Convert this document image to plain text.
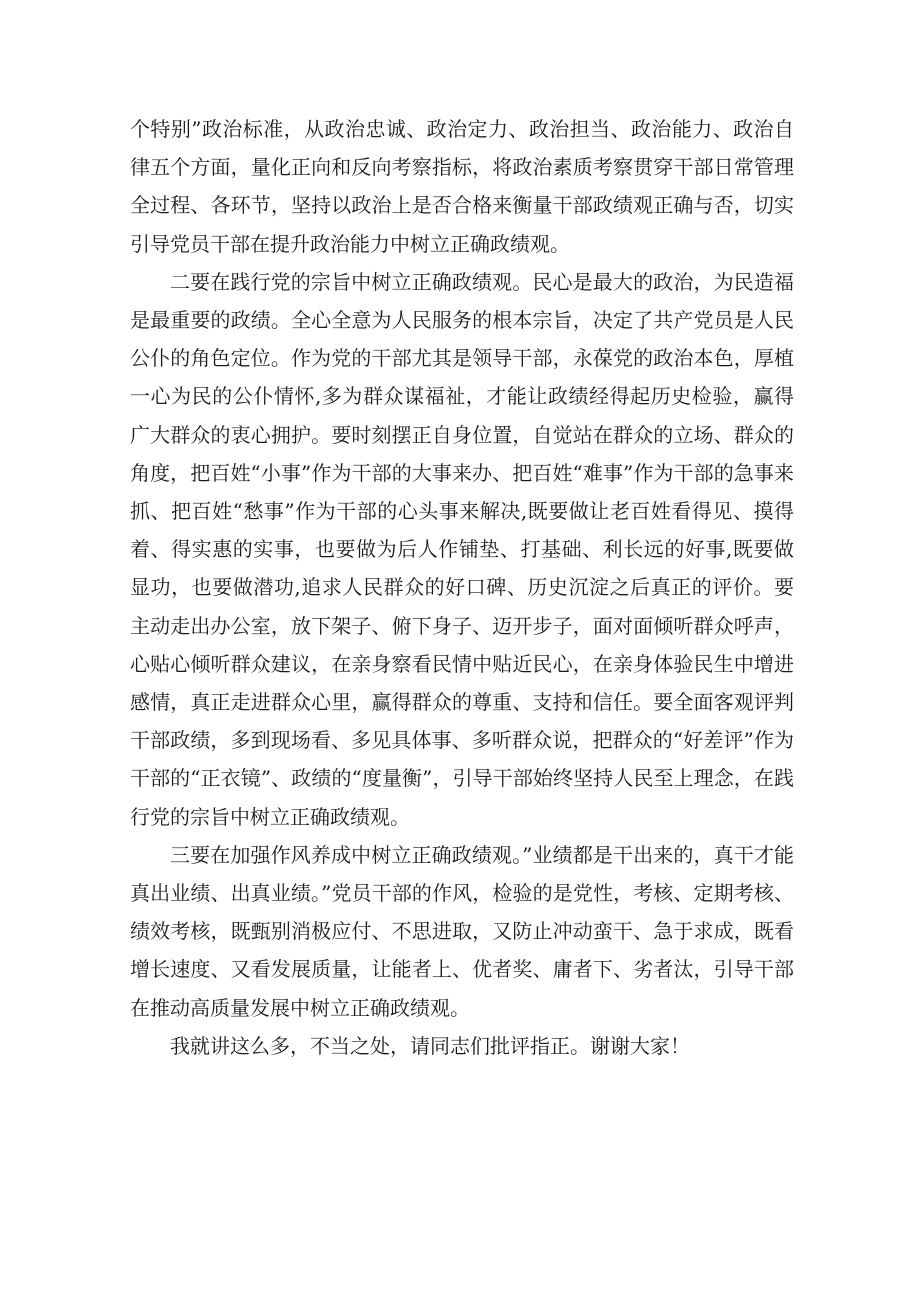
个特别”政治标准，从政治忠诚、政治定力、政治担当、政治能力、政治自律五个方面，量化正向和反向考察指标，将政治素质考察贯穿干部日常管理全过程、各环节，坚持以政治上是否合格来衡量干部政绩观正确与否，切实引导党员干部在提升政治能力中树立正确政绩观。

二要在践行党的宗旨中树立正确政绩观。民心是最大的政治，为民造福是最重要的政绩。全心全意为人民服务的根本宗旨，决定了共产党员是人民公仆的角色定位。作为党的干部尤其是领导干部，永葆党的政治本色，厚植一心为民的公仆情怀,多为群众谋福祉，才能让政绩经得起历史检验，赢得广大群众的衷心拥护。要时刻摆正自身位置，自觉站在群众的立场、群众的角度，把百姓“小事”作为干部的大事来办、把百姓“难事”作为干部的急事来抓、把百姓“愁事”作为干部的心头事来解决,既要做让老百姓看得见、摸得着、得实惠的实事，也要做为后人作铺垫、打基础、利长远的好事,既要做显功，也要做潜功,追求人民群众的好口碑、历史沉淀之后真正的评价。要主动走出办公室，放下架子、俯下身子、迈开步子，面对面倾听群众呼声，心贴心倾听群众建议，在亲身察看民情中贴近民心，在亲身体验民生中增进感情，真正走进群众心里，赢得群众的尊重、支持和信任。要全面客观评判干部政绩，多到现场看、多见具体事、多听群众说，把群众的“好差评”作为干部的“正衣镜”、政绩的“度量衡”，引导干部始终坚持人民至上理念，在践行党的宗旨中树立正确政绩观。

三要在加强作风养成中树立正确政绩观。”业绩都是干出来的，真干才能真出业绩、出真业绩。”党员干部的作风，检验的是党性，考核、定期考核、绩效考核，既甄别消极应付、不思进取，又防止冲动蛮干、急于求成，既看增长速度、又看发展质量，让能者上、优者奖、庸者下、劣者汰，引导干部在推动高质量发展中树立正确政绩观。

我就讲这么多，不当之处，请同志们批评指正。谢谢大家！
